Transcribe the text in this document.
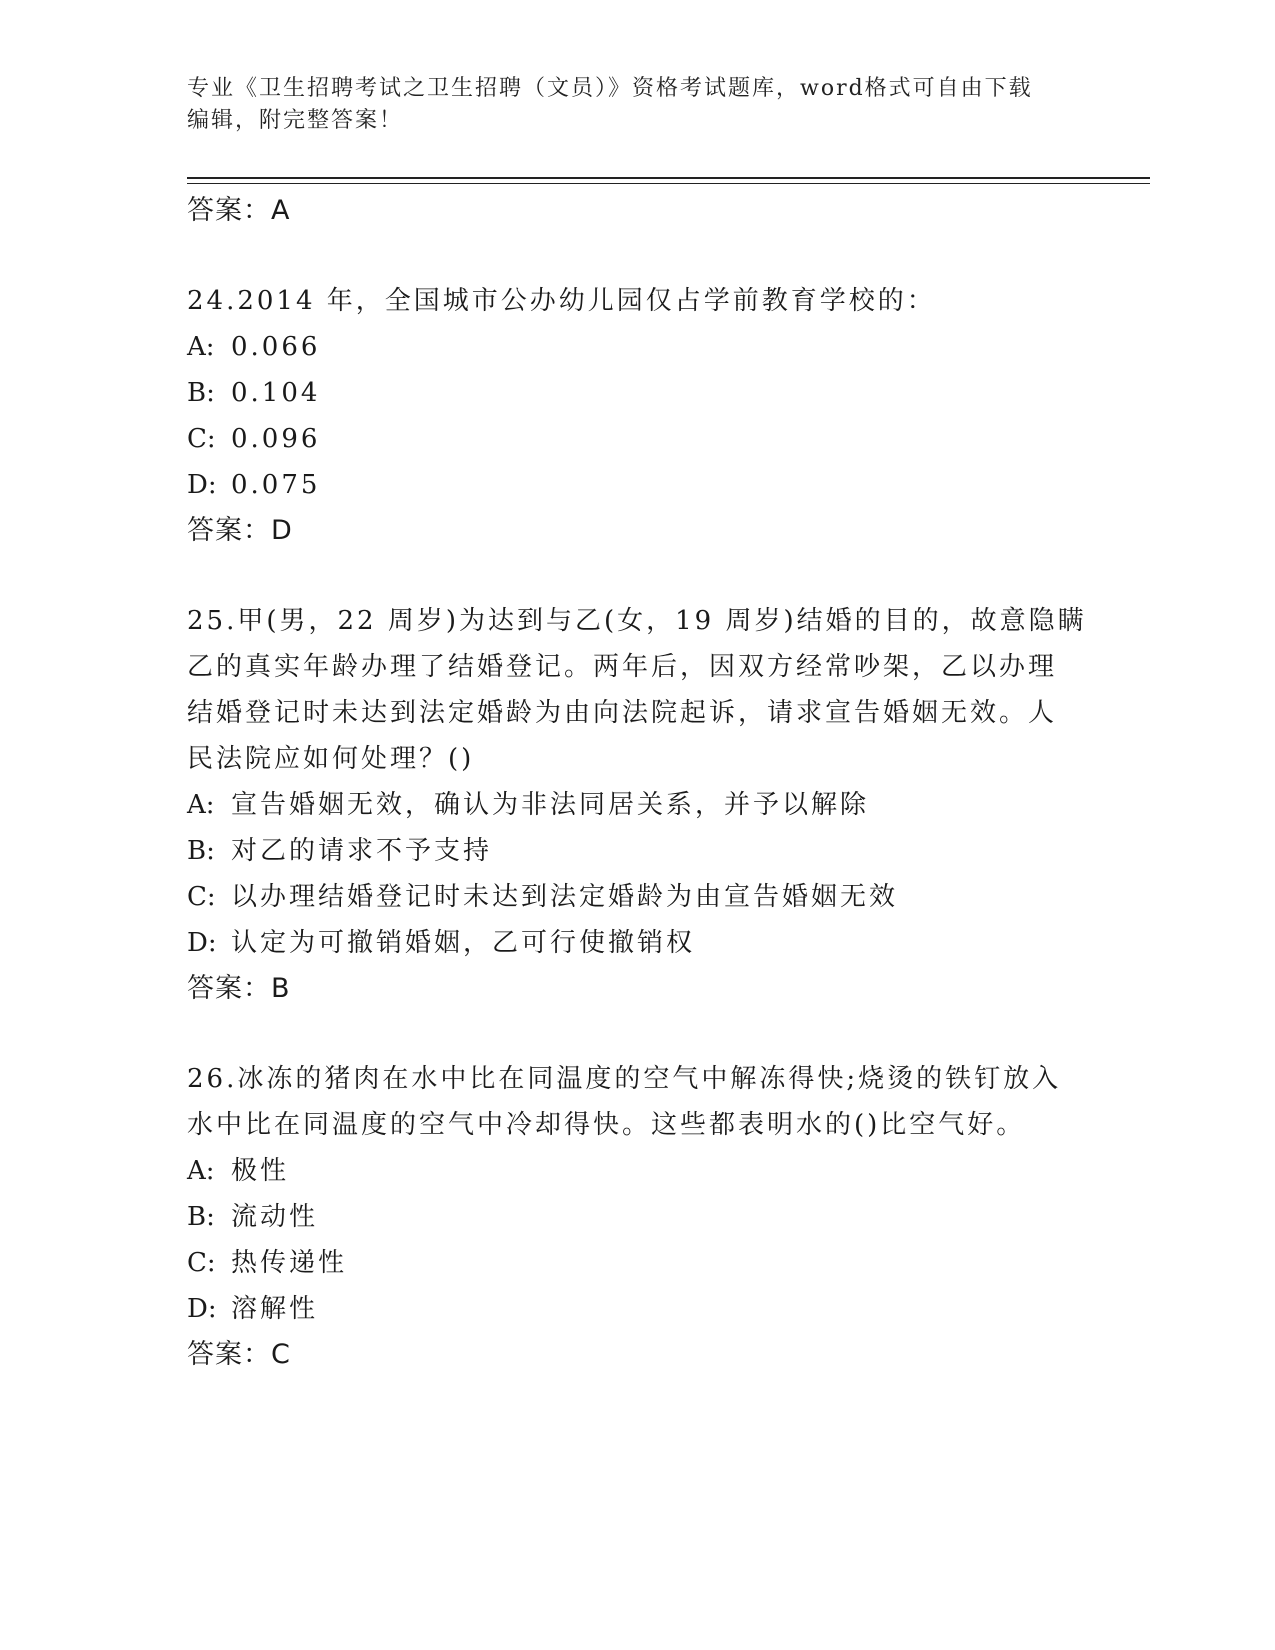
专业《卫生招聘考试之卫生招聘（文员）》资格考试题库，word格式可自由下载
编辑，附完整答案！
答案：A
24.2014 年，全国城市公办幼儿园仅占学前教育学校的：
A: 0.066
B: 0.104
C: 0.096
D: 0.075
答案：D
25.甲(男，22 周岁)为达到与乙(女，19 周岁)结婚的目的，故意隐瞒
乙的真实年龄办理了结婚登记。两年后，因双方经常吵架，乙以办理
结婚登记时未达到法定婚龄为由向法院起诉，请求宣告婚姻无效。人
民法院应如何处理？()
A: 宣告婚姻无效，确认为非法同居关系，并予以解除
B: 对乙的请求不予支持
C: 以办理结婚登记时未达到法定婚龄为由宣告婚姻无效
D: 认定为可撤销婚姻，乙可行使撤销权
答案：B
26.冰冻的猪肉在水中比在同温度的空气中解冻得快;烧烫的铁钉放入
水中比在同温度的空气中冷却得快。这些都表明水的()比空气好。
A: 极性
B: 流动性
C: 热传递性
D: 溶解性
答案：C
